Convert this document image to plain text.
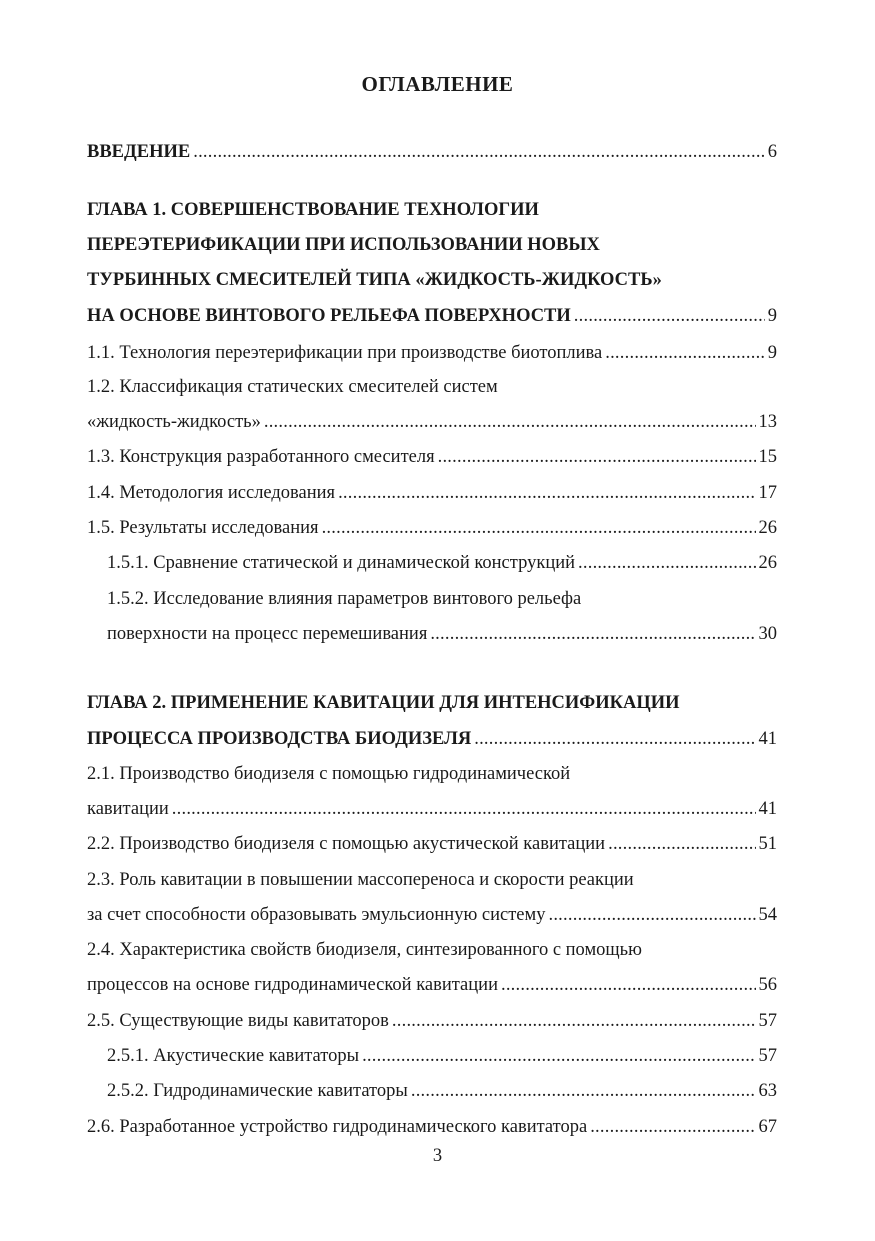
ОГЛАВЛЕНИЕ
ВВЕДЕНИЕ . . .	6
ГЛАВА 1. СОВЕРШЕНСТВОВАНИЕ ТЕХНОЛОГИИ
ПЕРЕЭТЕРИФИКАЦИИ ПРИ ИСПОЛЬЗОВАНИИ НОВЫХ
ТУРБИННЫХ СМЕСИТЕЛЕЙ ТИПА «ЖИДКОСТЬ-ЖИДКОСТЬ»
НА ОСНОВЕ ВИНТОВОГО РЕЛЬЕФА ПОВЕРХНОСТИ . . .	9
1.1. Технология переэтерификации при производстве биотоплива . . .	9
1.2. Классификация статических смесителей систем
«жидкость-жидкость» . . .	13
1.3. Конструкция разработанного смесителя . . .	15
1.4. Методология исследования . . .	17
1.5. Результаты исследования . . .	26
1.5.1. Сравнение статической и динамической конструкций . . .	26
1.5.2. Исследование влияния параметров винтового рельефа
поверхности на процесс перемешивания . . .	30
ГЛАВА 2. ПРИМЕНЕНИЕ КАВИТАЦИИ ДЛЯ ИНТЕНСИФИКАЦИИ
ПРОЦЕССА ПРОИЗВОДСТВА БИОДИЗЕЛЯ . . .	41
2.1. Производство биодизеля с помощью гидродинамической
кавитации . . .	41
2.2. Производство биодизеля с помощью акустической кавитации . . .	51
2.3. Роль кавитации в повышении массопереноса и скорости реакции
за счет способности образовывать эмульсионную систему . . .	54
2.4. Характеристика свойств биодизеля, синтезированного с помощью
процессов на основе гидродинамической кавитации . . .	56
2.5. Существующие виды кавитаторов . . .	57
2.5.1. Акустические кавитаторы . . .	57
2.5.2. Гидродинамические кавитаторы . . .	63
2.6. Разработанное устройство гидродинамического кавитатора . . .	67
3
